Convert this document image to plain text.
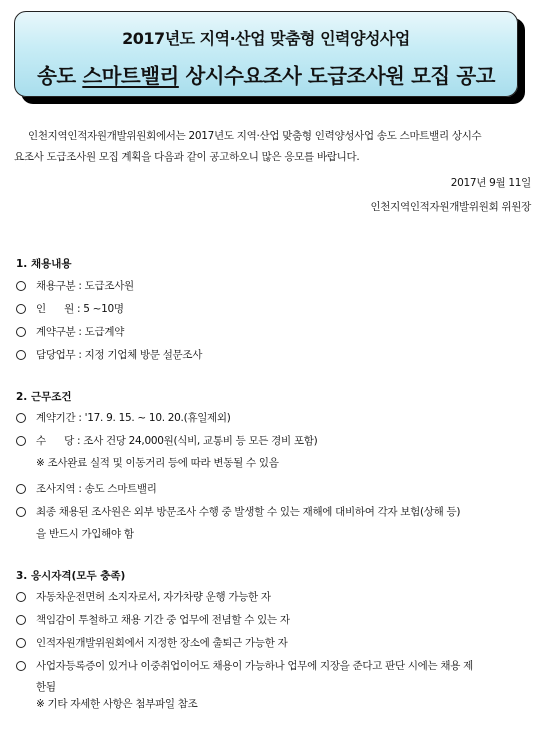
2017년도 지역·산업 맞춤형 인력양성사업
송도 스마트밸리 상시수요조사 도급조사원 모집 공고
인천지역인적자원개발위원회에서는 2017년도 지역·산업 맞춤형 인력양성사업 송도 스마트밸리 상시수
요조사 도급조사원 모집 계획을 다음과 같이 공고하오니 많은 응모를 바랍니다.
2017년 9월 11일
인천지역인적자원개발위원회 위원장
1. 채용내용
채용구분 : 도급조사원
인      원 : 5 ~10명
계약구분 : 도급계약
담당업무 : 지정 기업체 방문 설문조사
2. 근무조건
계약기간 : '17. 9. 15. ~ 10. 20.(휴일제외)
수      당 : 조사 건당 24,000원(식비, 교통비 등 모든 경비 포함)
※ 조사완료 실적 및 이동거리 등에 따라 변동될 수 있음
조사지역 : 송도 스마트밸리
최종 채용된 조사원은 외부 방문조사 수행 중 발생할 수 있는 재해에 대비하여 각자 보험(상해 등)
을 반드시 가입해야 함
3. 응시자격(모두 충족)
자동차운전면허 소지자로서, 자가차량 운행 가능한 자
책임감이 투철하고 채용 기간 중 업무에 전념할 수 있는 자
인적자원개발위원회에서 지정한 장소에 출퇴근 가능한 자
사업자등록증이 있거나 이중취업이어도 채용이 가능하나 업무에 지장을 준다고 판단 시에는 채용 제
한됨
※ 기타 자세한 사항은 첨부파일 참조
